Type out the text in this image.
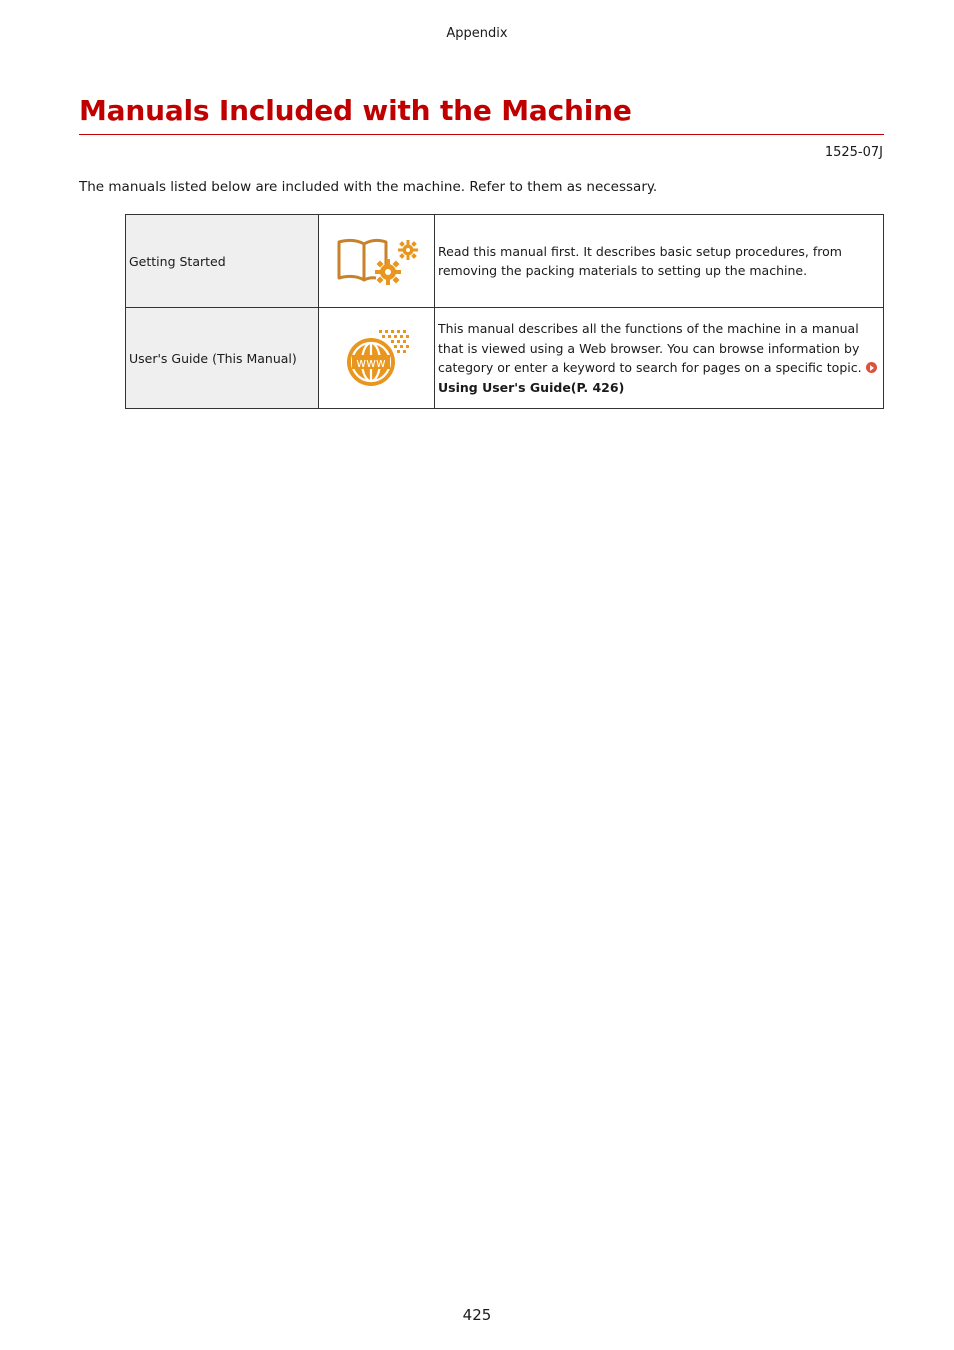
Appendix
Manuals Included with the Machine
1525-07J
The manuals listed below are included with the machine. Refer to them as necessary.
Getting Started		Read this manual first. It describes basic setup procedures, from removing the packing materials to setting up the machine.
User's Guide (This Manual)	www	This manual describes all the functions of the machine in a manual that is viewed using a Web browser. You can browse information by category or enter a keyword to search for pages on a specific topic. Using User's Guide(P. 426)
425
